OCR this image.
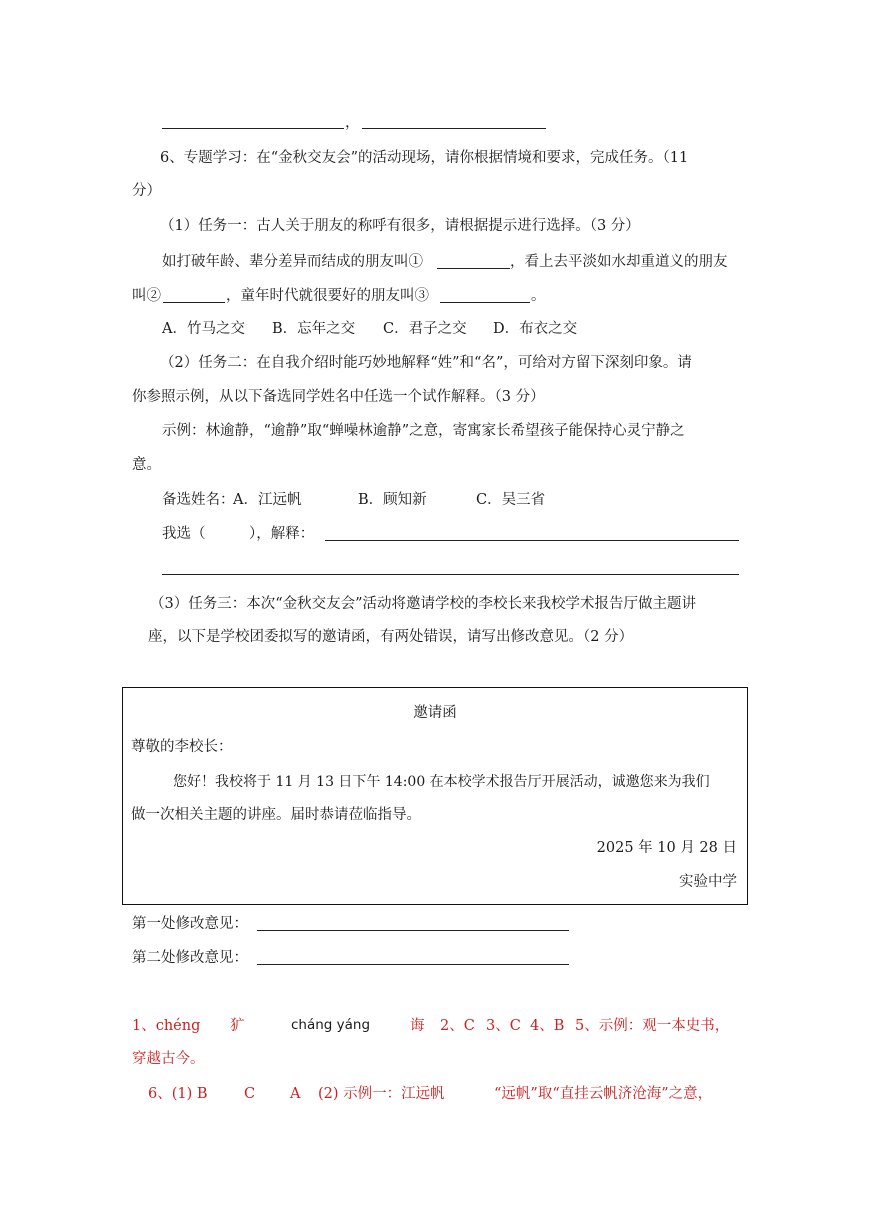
，
6、专题学习：在“金秋交友会”的活动现场，请你根据情境和要求，完成任务。（11
分）
（1）任务一：古人关于朋友的称呼有很多，请根据提示进行选择。（3 分）
如打破年龄、辈分差异而结成的朋友叫①	，看上去平淡如水却重道义的朋友
叫②	，童年时代就很要好的朋友叫③	。
A．竹马之交 B．忘年之交 C．君子之交 D．布衣之交
（2）任务二：在自我介绍时能巧妙地解释“姓”和“名”，可给对方留下深刻印象。请
你参照示例，从以下备选同学姓名中任选一个试作解释。（3 分）
示例：林逾静，“逾静”取“蝉噪林逾静”之意，寄寓家长希望孩子能保持心灵宁静之
意。
备选姓名：
A．江远帆	B．顾知新	C．吴三省
我选（　　　），解释：
（3）任务三：本次“金秋交友会”活动将邀请学校的李校长来我校学术报告厅做主题讲
座，以下是学校团委拟写的邀请函，有两处错误，请写出修改意见。（2 分）
邀请函
尊敬的李校长：
您好！我校将于 11 月 13 日下午 14:00 在本校学术报告厅开展活动，诚邀您来为我们
做一次相关主题的讲座。届时恭请莅临指导。
2025 年 10 月 28 日
实验中学
第一处修改意见：
第二处修改意见：
1、chéng 犷	cháng yáng	诲 2、C 3、C 4、B 5、示例：观一本史书，
穿越古今。
6、(1) B	C A (2) 示例一：江远帆	“远帆”取“直挂云帆济沧海”之意，
